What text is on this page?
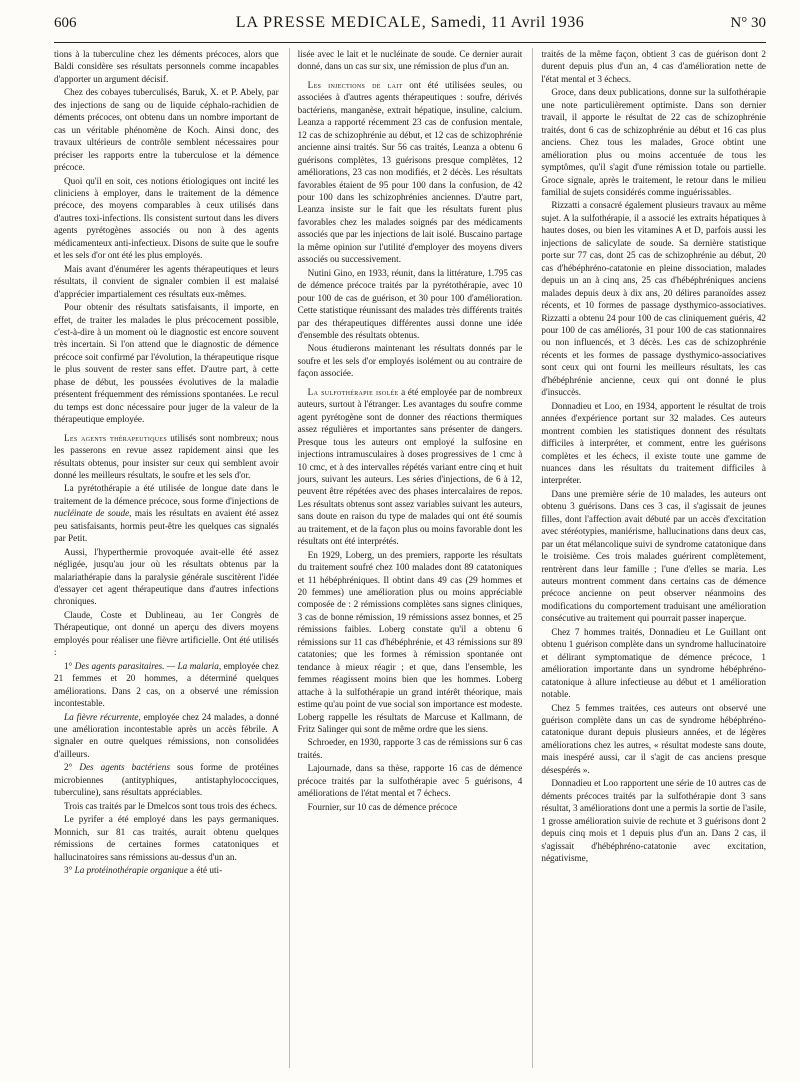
606	LA PRESSE MEDICALE, Samedi, 11 Avril 1936	N° 30

tions à la tuberculine chez les déments précoces, alors que Baldi considère ses résultats personnels comme incapables d'apporter un argument décisif.

Chez des cobayes tuberculisés, Baruk, X. et P. Abely, par des injections de sang ou de liquide céphalo-rachidien de déments précoces, ont obtenu dans un nombre important de cas un véritable phénomène de Koch. Ainsi donc, des travaux ultérieurs de contrôle semblent nécessaires pour préciser les rapports entre la tuberculose et la démence précoce.

Quoi qu'il en soit, ces notions étiologiques ont incité les cliniciens à employer, dans le traitement de la démence précoce, des moyens comparables à ceux utilisés dans d'autres toxi-infections. Ils consistent surtout dans les divers agents pyrétogènes associés ou non à des agents médicamenteux anti-infectieux. Disons de suite que le soufre et les sels d'or ont été les plus employés.

Mais avant d'énumérer les agents thérapeutiques et leurs résultats, il convient de signaler combien il est malaisé d'apprécier impartialement ces résultats eux-mêmes.

Pour obtenir des résultats satisfaisants, il importe, en effet, de traiter les malades le plus précocement possible, c'est-à-dire à un moment où le diagnostic est encore souvent très incertain. Si l'on attend que le diagnostic de démence précoce soit confirmé par l'évolution, la thérapeutique risque le plus souvent de rester sans effet. D'autre part, à cette phase de début, les poussées évolutives de la maladie présentent fréquemment des rémissions spontanées. Le recul du temps est donc nécessaire pour juger de la valeur de la thérapeutique employée.

Les agents thérapeutiques utilisés sont nombreux; nous les passerons en revue assez rapidement ainsi que les résultats obtenus, pour insister sur ceux qui semblent avoir donné les meilleurs résultats, le soufre et les sels d'or.

La pyrétothérapie a été utilisée de longue date dans le traitement de la démence précoce, sous forme d'injections de nucléinate de soude, mais les résultats en avaient été assez peu satisfaisants, hormis peut-être les quelques cas signalés par Petit.

Aussi, l'hyperthermie provoquée avait-elle été assez négligée, jusqu'au jour où les résultats obtenus par la malariathérapie dans la paralysie générale suscitèrent l'idée d'essayer cet agent thérapeutique dans d'autres infections chroniques.

Claude, Coste et Dublineau, au 1er Congrès de Thérapeutique, ont donné un aperçu des divers moyens employés pour réaliser une fièvre artificielle. Ont été utilisés :

1° Des agents parasitaires. — La malaria, employée chez 21 femmes et 20 hommes, a déterminé quelques améliorations. Dans 2 cas, on a observé une rémission incontestable.

La fièvre récurrente, employée chez 24 malades, a donné une amélioration incontestable après un accès fébrile. A signaler en outre quelques rémissions, non consolidées d'ailleurs.

2° Des agents bactériens sous forme de protéines microbiennes (antityphiques, antistaphylococciques, tuberculine), sans résultats appréciables.

Trois cas traités par le Dmelcos sont tous trois des échecs.

Le pyrifer a été employé dans les pays germaniques. Monnich, sur 81 cas traités, aurait obtenu quelques rémissions de certaines formes catatoniques et hallucinatoires sans rémissions au-dessus d'un an.

3° La protéinothérapie organique a été uti-

lisée avec le lait et le nucléinate de soude. Ce dernier aurait donné, dans un cas sur six, une rémission de plus d'un an.

Les injections de lait ont été utilisées seules, ou associées à d'autres agents thérapeutiques : soufre, dérivés bactériens, manganèse, extrait hépatique, insuline, calcium. Leanza a rapporté récemment 23 cas de confusion mentale, 12 cas de schizophrénie au début, et 12 cas de schizophrénie ancienne ainsi traités. Sur 56 cas traités, Leanza a obtenu 6 guérisons complètes, 13 guérisons presque complètes, 12 améliorations, 23 cas non modifiés, et 2 décès. Les résultats favorables étaient de 95 pour 100 dans la confusion, de 42 pour 100 dans les schizophrénies anciennes. D'autre part, Leanza insiste sur le fait que les résultats furent plus favorables chez les malades soignés par des médicaments associés que par les injections de lait isolé. Buscaino partage la même opinion sur l'utilité d'employer des moyens divers associés ou successivement.

Nutini Gino, en 1933, réunit, dans la littérature, 1.795 cas de démence précoce traités par la pyrétothérapie, avec 10 pour 100 de cas de guérison, et 30 pour 100 d'amélioration. Cette statistique réunissant des malades très différents traités par des thérapeutiques différentes aussi donne une idée d'ensemble des résultats obtenus.

Nous étudierons maintenant les résultats donnés par le soufre et les sels d'or employés isolément ou au contraire de façon associée.

La sulfothérapie isolée a été employée par de nombreux auteurs, surtout à l'étranger. Les avantages du soufre comme agent pyrétogène sont de donner des réactions thermiques assez régulières et importantes sans présenter de dangers. Presque tous les auteurs ont employé la sulfosine en injections intramusculaires à doses progressives de 1 cmc à 10 cmc, et à des intervalles répétés variant entre cinq et huit jours, suivant les auteurs. Les séries d'injections, de 6 à 12, peuvent être répétées avec des phases intercalaires de repos. Les résultats obtenus sont assez variables suivant les auteurs, sans doute en raison du type de malades qui ont été soumis au traitement, et de la façon plus ou moins favorable dont les résultats ont été interprétés.

En 1929, Loberg, un des premiers, rapporte les résultats du traitement soufré chez 100 malades dont 89 catatoniques et 11 hébéphréniques. Il obtint dans 49 cas (29 hommes et 20 femmes) une amélioration plus ou moins appréciable composée de : 2 rémissions complètes sans signes cliniques, 3 cas de bonne rémission, 19 rémissions assez bonnes, et 25 rémissions faibles. Loberg constate qu'il a obtenu 6 rémissions sur 11 cas d'hébéphrénie, et 43 rémissions sur 89 catatonies; que les formes à rémission spontanée ont tendance à mieux réagir ; et que, dans l'ensemble, les femmes réagissent moins bien que les hommes. Loberg attache à la sulfothérapie un grand intérêt théorique, mais estime qu'au point de vue social son importance est modeste. Loberg rappelle les résultats de Marcuse et Kallmann, de Fritz Salinger qui sont de même ordre que les siens.

Schroeder, en 1930, rapporte 3 cas de rémissions sur 6 cas traités.

Lajournade, dans sa thèse, rapporte 16 cas de démence précoce traités par la sulfothérapie avec 5 guérisons, 4 améliorations de l'état mental et 7 échecs.

Fournier, sur 10 cas de démence précoce

traités de la même façon, obtient 3 cas de guérison dont 2 durent depuis plus d'un an, 4 cas d'amélioration nette de l'état mental et 3 échecs.

Groce, dans deux publications, donne sur la sulfothérapie une note particulièrement optimiste. Dans son dernier travail, il apporte le résultat de 22 cas de schizophrénie traités, dont 6 cas de schizophrénie au début et 16 cas plus anciens. Chez tous les malades, Groce obtint une amélioration plus ou moins accentuée de tous les symptômes, qu'il s'agit d'une rémission totale ou partielle. Groce signale, après le traitement, le retour dans le milieu familial de sujets considérés comme inguérissables.

Rizzatti a consacré également plusieurs travaux au même sujet. A la sulfothérapie, il a associé les extraits hépatiques à hautes doses, ou bien les vitamines A et D, parfois aussi les injections de salicylate de soude. Sa dernière statistique porte sur 77 cas, dont 25 cas de schizophrénie au début, 20 cas d'hébéphréno-catatonie en pleine dissociation, malades depuis un an à cinq ans, 25 cas d'hébéphréniques anciens malades depuis deux à dix ans, 20 délires paranoïdes assez récents, et 10 formes de passage dysthymico-associatives. Rizzatti a obtenu 24 pour 100 de cas cliniquement guéris, 42 pour 100 de cas améliorés, 31 pour 100 de cas stationnaires ou non influencés, et 3 décès. Les cas de schizophrénie récents et les formes de passage dysthymico-associatives sont ceux qui ont fourni les meilleurs résultats, les cas d'hébéphrénie ancienne, ceux qui ont donné le plus d'insuccès.

Donnadieu et Loo, en 1934, apportent le résultat de trois années d'expérience portant sur 32 malades. Ces auteurs montrent combien les statistiques donnent des résultats difficiles à interpréter, et comment, entre les guérisons complètes et les échecs, il existe toute une gamme de nuances dans les résultats du traitement difficiles à interpréter.

Dans une première série de 10 malades, les auteurs ont obtenu 3 guérisons. Dans ces 3 cas, il s'agissait de jeunes filles, dont l'affection avait débuté par un accès d'excitation avec stéréotypies, maniérisme, hallucinations dans deux cas, par un état mélancolique suivi de syndrome catatonique dans le troisième. Ces trois malades guérirent complètement, rentrèrent dans leur famille ; l'une d'elles se maria. Les auteurs montrent comment dans certains cas de démence précoce ancienne on peut observer néanmoins des modifications du comportement traduisant une amélioration consécutive au traitement qui pourrait passer inaperçue.

Chez 7 hommes traités, Donnadieu et Le Guillant ont obtenu 1 guérison complète dans un syndrome hallucinatoire et délirant symptomatique de démence précoce, 1 amélioration importante dans un syndrome hébéphréno-catatonique à allure infectieuse au début et 1 amélioration notable.

Chez 5 femmes traitées, ces auteurs ont observé une guérison complète dans un cas de syndrome hébéphréno-catatonique durant depuis plusieurs années, et de légères améliorations chez les autres, « résultat modeste sans doute, mais inespéré aussi, car il s'agit de cas anciens presque désespérés ».

Donnadieu et Loo rapportent une série de 10 autres cas de déments précoces traités par la sulfothérapie dont 3 sans résultat, 3 améliorations dont une a permis la sortie de l'asile, 1 grosse amélioration suivie de rechute et 3 guérisons dont 2 depuis cinq mois et 1 depuis plus d'un an. Dans 2 cas, il s'agissait d'hébéphréno-catatonie avec excitation, négativisme,
